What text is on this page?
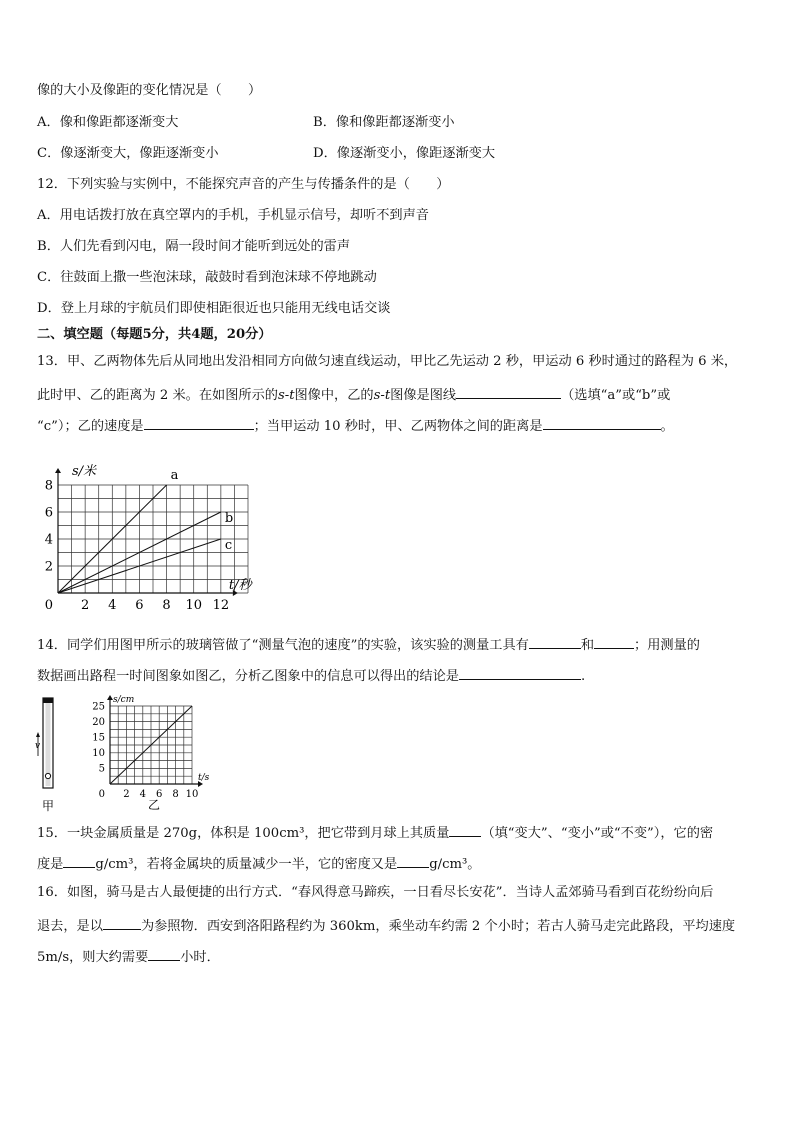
像的大小及像距的变化情况是（　　）
A．像和像距都逐渐变大	B．像和像距都逐渐变小
C．像逐渐变大，像距逐渐变小	D．像逐渐变小，像距逐渐变大
12．下列实验与实例中，不能探究声音的产生与传播条件的是（　　）
A．用电话拨打放在真空罩内的手机，手机显示信号，却听不到声音
B．人们先看到闪电，隔一段时间才能听到远处的雷声
C．往鼓面上撒一些泡沫球，敲鼓时看到泡沫球不停地跳动
D．登上月球的宇航员们即使相距很近也只能用无线电话交谈
二、填空题（每题5分，共4题，20分）
13．甲、乙两物体先后从同地出发沿相同方向做匀速直线运动，甲比乙先运动 2 秒，甲运动 6 秒时通过的路程为 6 米，
此时甲、乙的距离为 2 米。在如图所示的s-t图像中，乙的s-t图像是图线	（选填“a”或“b”或
“c”）；乙的速度是	；当甲运动 10 秒时，甲、乙两物体之间的距离是	。
2 4 6 8 10 12
2
4
6
8
0
s/米
t/秒
a
b
c
14．同学们用图甲所示的玻璃管做了“测量气泡的速度”的实验，该实验的测量工具有	和	；用测量的
数据画出路程一时间图象如图乙，分析乙图象中的信息可以得出的结论是	.
v
甲
2 4 6 8 10
5
10
15
20
25
0
s/cm
t/s
乙
15．一块金属质量是 270g，体积是 100cm³，把它带到月球上其质量 （填“变大”、“变小”或“不变”），它的密
度是 g/cm³，若将金属块的质量减少一半，它的密度又是 g/cm³。
16．如图，骑马是古人最便捷的出行方式．“春风得意马蹄疾，一日看尽长安花”．当诗人孟郊骑马看到百花纷纷向后
退去，是以	为参照物．西安到洛阳路程约为 360km，乘坐动车约需 2 个小时；若古人骑马走完此路段，平均速度
5m/s，则大约需要 小时．
